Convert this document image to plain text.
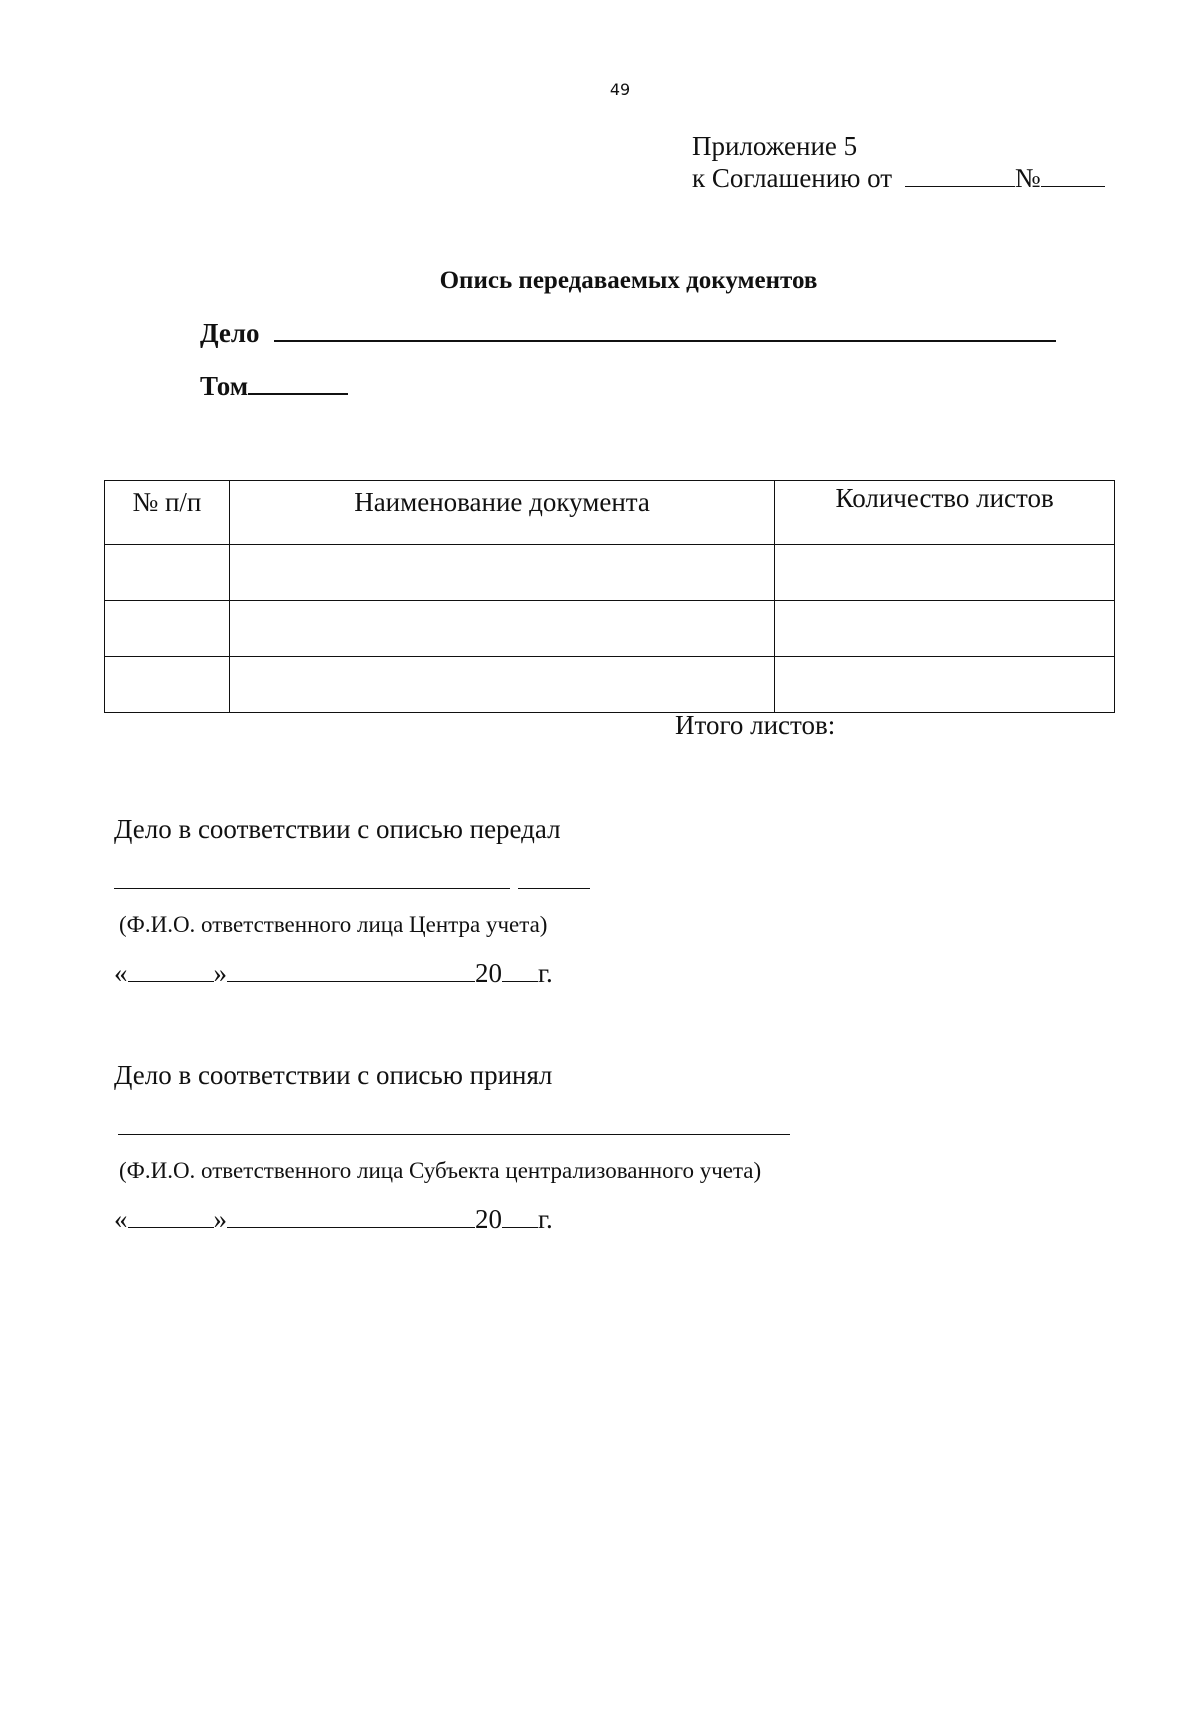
49
Приложение 5
к Соглашению от	№
Опись передаваемых документов
Дело
Том
№ п/п	Наименование документа	Количество листов

Итого листов:
Дело в соответствии с описью передал
(Ф.И.О. ответственного лица Центра учета)
«	»	20 г.
Дело в соответствии с описью принял
(Ф.И.О. ответственного лица Субъекта централизованного учета)
«	»	20 г.
